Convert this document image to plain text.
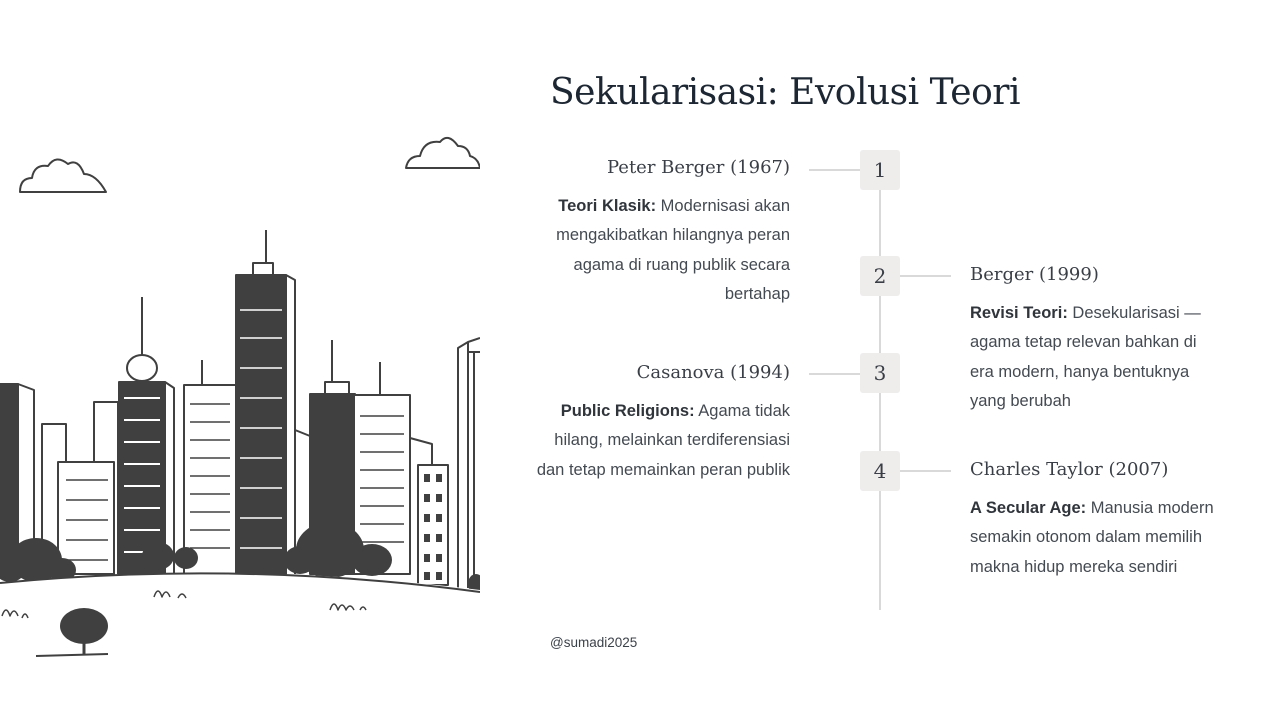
Sekularisasi: Evolusi Teori
1
2
3
4

Peter Berger (1967)

Teori Klasik: Modernisasi akan mengakibatkan hilangnya peran agama di ruang publik secara bertahap

Berger (1999)

Revisi Teori: Desekularisasi — agama tetap relevan bahkan di era modern, hanya bentuknya yang berubah

Casanova (1994)

Public Religions: Agama tidak hilang, melainkan terdiferensiasi dan tetap memainkan peran publik	Charles Taylor (2007)

A Secular Age: Manusia modern semakin otonom dalam memilih makna hidup mereka sendiri

@sumadi2025
